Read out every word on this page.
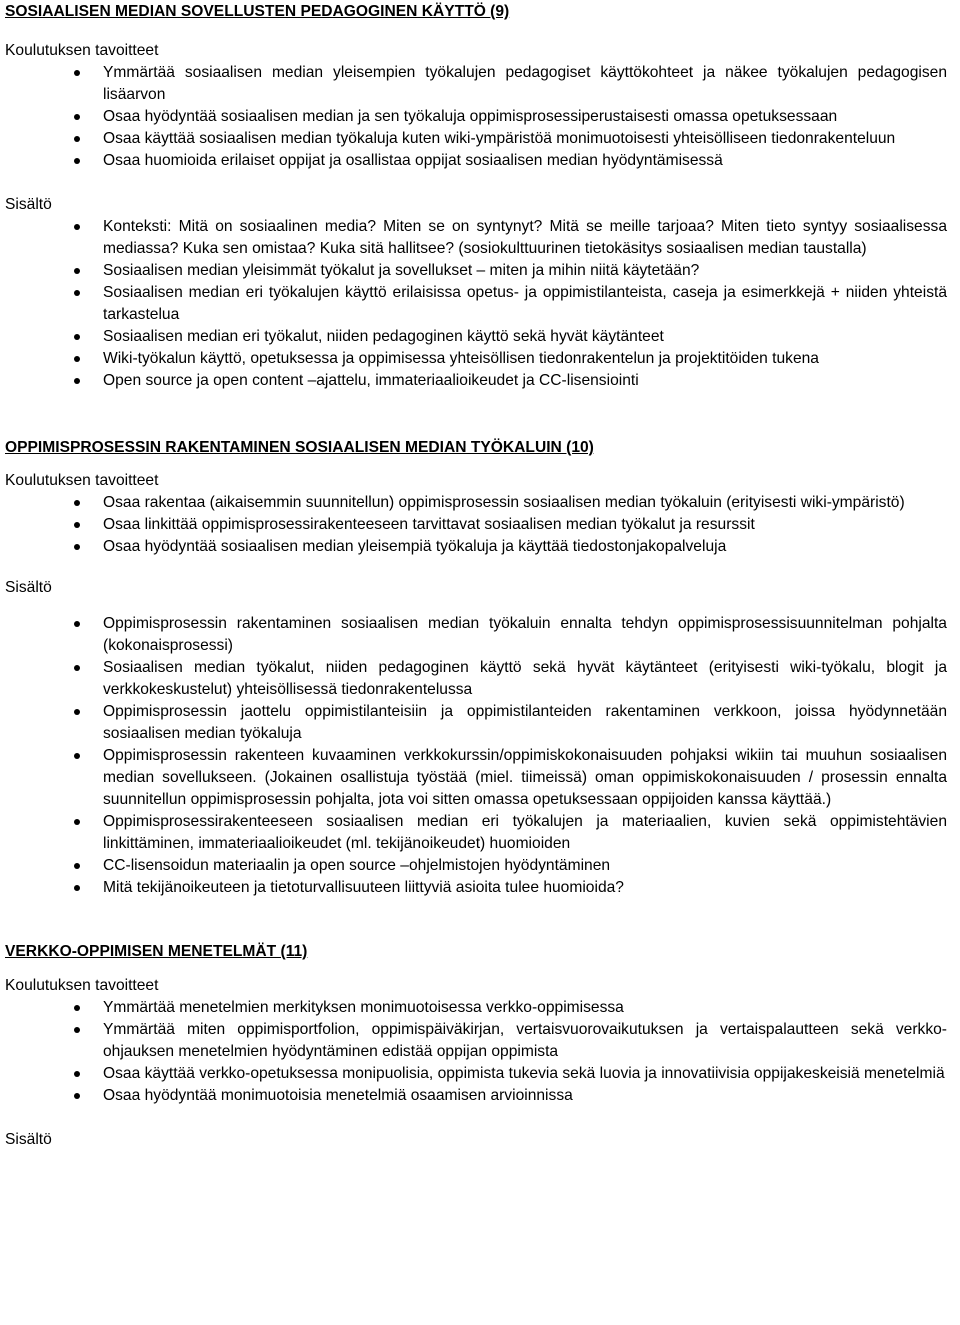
SOSIAALISEN MEDIAN SOVELLUSTEN PEDAGOGINEN KÄYTTÖ (9)

Koulutuksen tavoitteet

Ymmärtää sosiaalisen median yleisempien työkalujen pedagogiset käyttökohteet ja näkee työkalujen pedagogisen lisäarvon
Osaa hyödyntää sosiaalisen median ja sen työkaluja oppimisprosessiperustaisesti omassa opetuksessaan
Osaa käyttää sosiaalisen median työkaluja kuten wiki-ympäristöä monimuotoisesti yhteisölliseen tiedonrakenteluun
Osaa huomioida erilaiset oppijat ja osallistaa oppijat sosiaalisen median hyödyntämisessä

Sisältö

Konteksti: Mitä on sosiaalinen media? Miten se on syntynyt? Mitä se meille tarjoaa? Miten tieto syntyy sosiaalisessa mediassa? Kuka sen omistaa? Kuka sitä hallitsee? (sosiokulttuurinen tietokäsitys sosiaalisen median taustalla)
Sosiaalisen median yleisimmät työkalut ja sovellukset – miten ja mihin niitä käytetään?
Sosiaalisen median eri työkalujen käyttö erilaisissa opetus- ja oppimistilanteista, caseja ja esimerkkejä + niiden yhteistä tarkastelua
Sosiaalisen median eri työkalut, niiden pedagoginen käyttö sekä hyvät käytänteet
Wiki-työkalun käyttö, opetuksessa ja oppimisessa yhteisöllisen tiedonrakentelun ja projektitöiden tukena
Open source ja open content –ajattelu, immateriaalioikeudet ja CC-lisensiointi
OPPIMISPROSESSIN RAKENTAMINEN SOSIAALISEN MEDIAN TYÖKALUIN (10)

Koulutuksen tavoitteet

Osaa rakentaa (aikaisemmin suunnitellun) oppimisprosessin sosiaalisen median työkaluin (erityisesti wiki-ympäristö)
Osaa linkittää oppimisprosessirakenteeseen tarvittavat sosiaalisen median työkalut ja resurssit
Osaa hyödyntää sosiaalisen median yleisempiä työkaluja ja käyttää tiedostonjakopalveluja

Sisältö

Oppimisprosessin rakentaminen sosiaalisen median työkaluin ennalta tehdyn oppimisprosessisuunnitelman pohjalta (kokonaisprosessi)
Sosiaalisen median työkalut, niiden pedagoginen käyttö sekä hyvät käytänteet (erityisesti wiki-työkalu, blogit ja verkkokeskustelut) yhteisöllisessä tiedonrakentelussa
Oppimisprosessin jaottelu oppimistilanteisiin ja oppimistilanteiden rakentaminen verkkoon, joissa hyödynnetään sosiaalisen median työkaluja
Oppimisprosessin rakenteen kuvaaminen verkkokurssin/oppimiskokonaisuuden pohjaksi wikiin tai muuhun sosiaalisen median sovellukseen. (Jokainen osallistuja työstää (miel. tiimeissä) oman oppimiskokonaisuuden / prosessin ennalta suunnitellun oppimisprosessin pohjalta, jota voi sitten omassa opetuksessaan oppijoiden kanssa käyttää.)
Oppimisprosessirakenteeseen sosiaalisen median eri työkalujen ja materiaalien, kuvien sekä oppimistehtävien linkittäminen, immateriaalioikeudet (ml. tekijänoikeudet) huomioiden
CC-lisensoidun materiaalin ja open source –ohjelmistojen hyödyntäminen
Mitä tekijänoikeuteen ja tietoturvallisuuteen liittyviä asioita tulee huomioida?
VERKKO-OPPIMISEN MENETELMÄT (11)

Koulutuksen tavoitteet

Ymmärtää menetelmien merkityksen monimuotoisessa verkko-oppimisessa
Ymmärtää miten oppimisportfolion, oppimispäiväkirjan, vertaisvuorovaikutuksen ja vertaispalautteen sekä verkko-ohjauksen menetelmien hyödyntäminen edistää oppijan oppimista
Osaa käyttää verkko-opetuksessa monipuolisia, oppimista tukevia sekä luovia ja innovatiivisia oppijakeskeisiä menetelmiä
Osaa hyödyntää monimuotoisia menetelmiä osaamisen arvioinnissa

Sisältö
